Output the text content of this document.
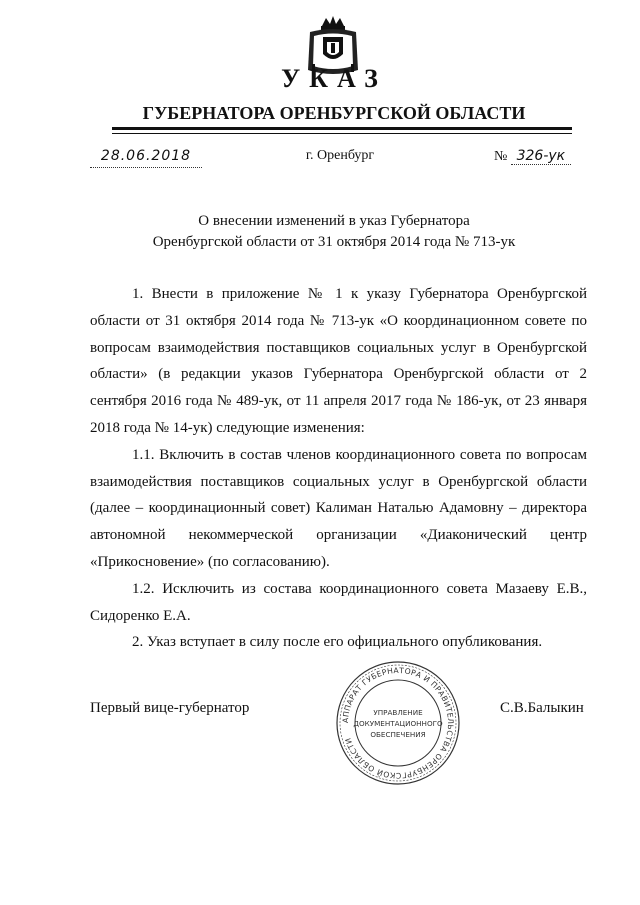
УКАЗ
ГУБЕРНАТОРА ОРЕНБУРГСКОЙ ОБЛАСТИ
28.06.2018	г. Оренбург	№ 326-ук
О внесении изменений в указ Губернатора
Оренбургской области от 31 октября 2014 года № 713-ук

1. Внести в приложение № 1 к указу Губернатора Оренбургской области от 31 октября 2014 года № 713-ук «О координационном совете по вопросам взаимодействия поставщиков социальных услуг в Оренбургской области» (в редакции указов Губернатора Оренбургской области от 2 сентября 2016 года № 489-ук, от 11 апреля 2017 года № 186-ук, от 23 января 2018 года № 14-ук) следующие изменения:

1.1. Включить в состав членов координационного совета по вопросам взаимодействия поставщиков социальных услуг в Оренбургской области (далее – координационный совет) Калиман Наталью Адамовну – директора автономной некоммерческой организации «Диаконический центр «Прикосновение» (по согласованию).

1.2. Исключить из состава координационного совета Мазаеву Е.В., Сидоренко Е.А.

2. Указ вступает в силу после его официального опубликования.

Первый вице-губернатор	С.В.Балыкин
АППАРАТ ГУБЕРНАТОРА И ПРАВИТЕЛЬСТВА ОРЕНБУРГСКОЙ ОБЛАСТИ
УПРАВЛЕНИЕ
ДОКУМЕНТАЦИОННОГО
ОБЕСПЕЧЕНИЯ
